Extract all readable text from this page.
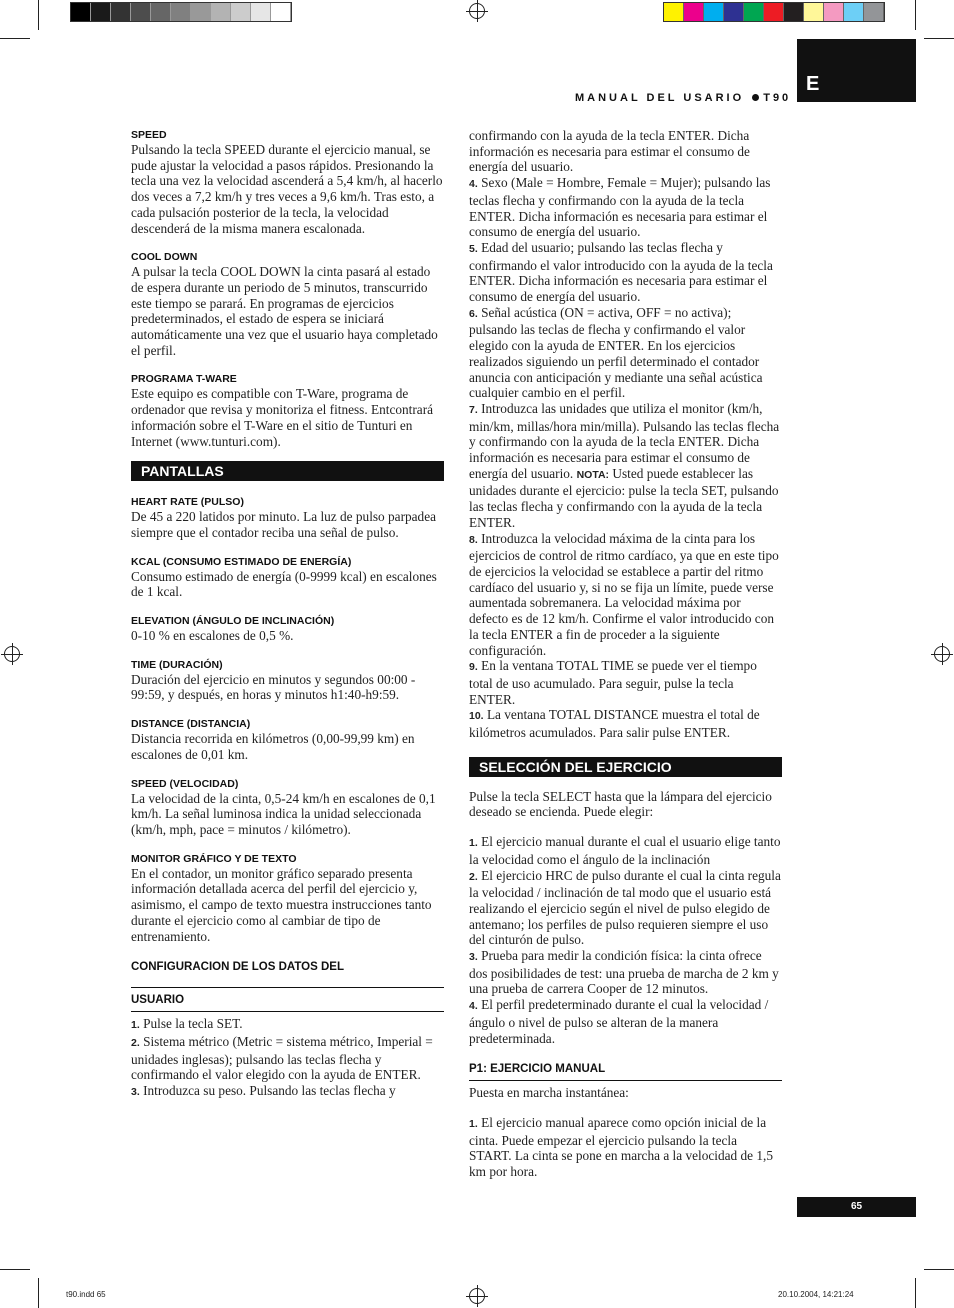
E
MANUAL DEL USARIO T90
SPEED

Pulsando la tecla SPEED durante el ejercicio manual, se pude ajustar la velocidad a pasos rápidos. Presionando la tecla una vez la velocidad ascenderá a 5,4 km/h, al hacerlo dos veces a 7,2 km/h y tres veces a 9,6 km/h. Tras esto, a cada pulsación posterior de la tecla, la velocidad descenderá de la misma manera escalonada.

COOL DOWN

A pulsar la tecla COOL DOWN la cinta pasará al estado de espera durante un periodo de 5 minutos, transcurrido este tiempo se parará. En programas de ejercicios predeterminados, el estado de espera se iniciará automáticamente una vez que el usuario haya completado el perfil.

PROGRAMA T-WARE

Este equipo es compatible con T-Ware, programa de ordenador que revisa y monitoriza el fitness. Entcontrará información sobre el T-Ware en el sitio de Tunturi en Internet (www.tunturi.com).

PANTALLAS
HEART RATE (PULSO)

De 45 a 220 latidos por minuto. La luz de pulso parpadea siempre que el contador reciba una señal de pulso.

KCAL (CONSUMO ESTIMADO DE ENERGÍA)

Consumo estimado de energía (0-9999 kcal) en escalones de 1 kcal.

ELEVATION (ÁNGULO DE INCLINACIÓN)

0-10 % en escalones de 0,5 %.

TIME (DURACIÓN)

Duración del ejercicio en minutos y segundos 00:00 - 99:59, y después, en horas y minutos h1:40-h9:59.

DISTANCE (DISTANCIA)

Distancia recorrida en kilómetros (0,00-99,99 km) en escalones de 0,01 km.

SPEED (VELOCIDAD)

La velocidad de la cinta, 0,5-24 km/h en escalones de 0,1 km/h. La señal luminosa indica la unidad seleccionada (km/h, mph, pace = minutos / kilómetro).

MONITOR GRÁFICO Y DE TEXTO

En el contador, un monitor gráfico separado presenta información detallada acerca del perfil del ejercicio y, asimismo, el campo de texto muestra instrucciones tanto durante el ejercicio como al cambiar de tipo de entrenamiento.

CONFIGURACION DE LOS DATOS DEL
USUARIO

1. Pulse la tecla SET.

2. Sistema métrico (Metric = sistema métrico, Imperial = unidades inglesas); pulsando las teclas flecha y confirmando el valor elegido con la ayuda de ENTER.

3. Introduzca su peso. Pulsando las teclas flecha y

confirmando con la ayuda de la tecla ENTER. Dicha información es necesaria para estimar el consumo de energía del usuario.

4. Sexo (Male = Hombre, Female = Mujer); pulsando las teclas flecha y confirmando con la ayuda de la tecla ENTER. Dicha información es necesaria para estimar el consumo de energía del usuario.

5. Edad del usuario; pulsando las teclas flecha y confirmando el valor introducido con la ayuda de la tecla ENTER. Dicha información es necesaria para estimar el consumo de energía del usuario.

6. Señal acústica (ON = activa, OFF = no activa); pulsando las teclas de flecha y confirmando el valor elegido con la ayuda de ENTER. En los ejercicios realizados siguiendo un perfil determinado el contador anuncia con anticipación y mediante una señal acústica cualquier cambio en el perfil.

7. Introduzca las unidades que utiliza el monitor (km/h, min/km, millas/hora min/milla). Pulsando las teclas flecha y confirmando con la ayuda de la tecla ENTER. Dicha información es necesaria para estimar el consumo de energía del usuario. NOTA: Usted puede establecer las unidades durante el ejercicio: pulse la tecla SET, pulsando las teclas flecha y confirmando con la ayuda de la tecla ENTER.

8. Introduzca la velocidad máxima de la cinta para los ejercicios de control de ritmo cardíaco, ya que en este tipo de ejercicios la velocidad se establece a partir del ritmo cardíaco del usuario y, si no se fija un límite, puede verse aumentada sobremanera. La velocidad máxima por defecto es de 12 km/h. Confirme el valor introducido con la tecla ENTER a fin de proceder a la siguiente configuración.

9. En la ventana TOTAL TIME se puede ver el tiempo total de uso acumulado. Para seguir, pulse la tecla ENTER.

10. La ventana TOTAL DISTANCE muestra el total de kilómetros acumulados. Para salir pulse ENTER.

SELECCIÓN DEL EJERCICIO

Pulse la tecla SELECT hasta que la lámpara del ejercicio deseado se encienda. Puede elegir:

1. El ejercicio manual durante el cual el usuario elige tanto la velocidad como el ángulo de la inclinación

2. El ejercicio HRC de pulso durante el cual la cinta regula la velocidad / inclinación de tal modo que el usuario está realizando el ejercicio según el nivel de pulso elegido de antemano; los perfiles de pulso requieren siempre el uso del cinturón de pulso.

3. Prueba para medir la condición física: la cinta ofrece dos posibilidades de test: una prueba de marcha de 2 km y una prueba de carrera Cooper de 12 minutos.

4. El perfil predeterminado durante el cual la velocidad / ángulo o nivel de pulso se alteran de la manera predeterminada.

P1: EJERCICIO MANUAL

Puesta en marcha instantánea:

1. El ejercicio manual aparece como opción inicial de la cinta. Puede empezar el ejercicio pulsando la tecla START. La cinta se pone en marcha a la velocidad de 1,5 km por hora.

65
t90.indd 65	20.10.2004, 14:21:24
